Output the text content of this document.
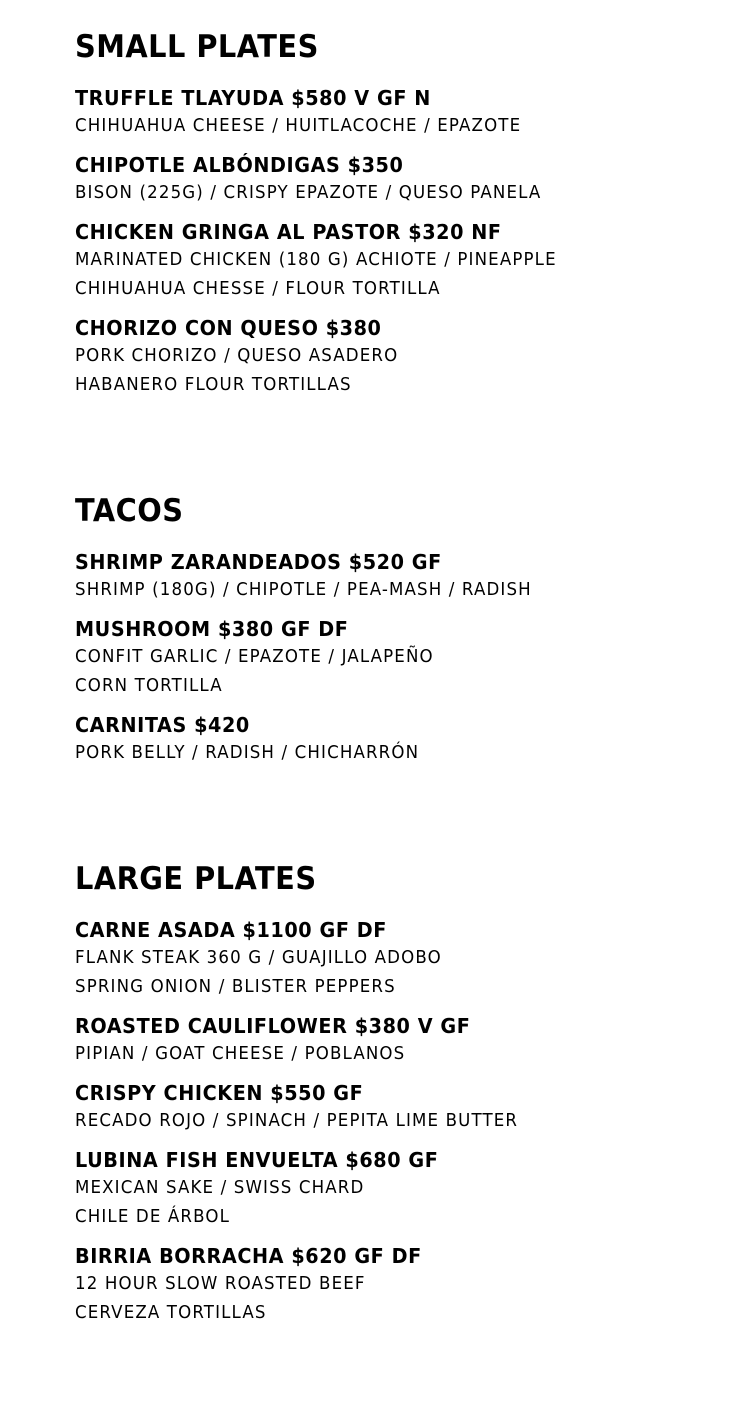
SMALL PLATES
TRUFFLE TLAYUDA $580 V GF N
CHIHUAHUA CHEESE / HUITLACOCHE / EPAZOTE
CHIPOTLE ALBÓNDIGAS $350
BISON (225G) / CRISPY EPAZOTE / QUESO PANELA
CHICKEN GRINGA AL PASTOR $320 NF
MARINATED CHICKEN (180 G) ACHIOTE / PINEAPPLE
CHIHUAHUA CHESSE / FLOUR TORTILLA
CHORIZO CON QUESO $380
PORK CHORIZO / QUESO ASADERO
HABANERO FLOUR TORTILLAS
TACOS
SHRIMP ZARANDEADOS $520 GF
SHRIMP (180G) / CHIPOTLE / PEA-MASH / RADISH
MUSHROOM $380 GF DF
CONFIT GARLIC / EPAZOTE / JALAPEÑO
CORN TORTILLA
CARNITAS $420
PORK BELLY / RADISH / CHICHARRÓN
LARGE PLATES
CARNE ASADA $1100 GF DF
FLANK STEAK 360 G / GUAJILLO ADOBO
SPRING ONION / BLISTER PEPPERS
ROASTED CAULIFLOWER $380 V GF
PIPIAN / GOAT CHEESE / POBLANOS
CRISPY CHICKEN $550 GF
RECADO ROJO / SPINACH / PEPITA LIME BUTTER
LUBINA FISH ENVUELTA $680 GF
MEXICAN SAKE / SWISS CHARD
CHILE DE ÁRBOL
BIRRIA BORRACHA $620 GF DF
12 HOUR SLOW ROASTED BEEF
CERVEZA TORTILLAS
